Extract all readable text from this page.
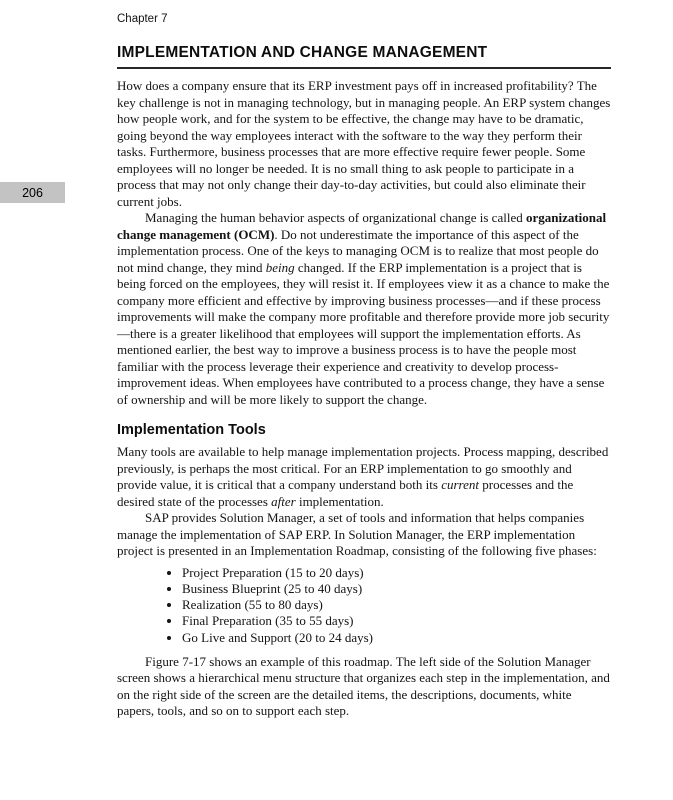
206
Chapter 7
IMPLEMENTATION AND CHANGE MANAGEMENT

How does a company ensure that its ERP investment pays off in increased profitability? The key challenge is not in managing technology, but in managing people. An ERP system changes how people work, and for the system to be effective, the change may have to be dramatic, going beyond the way employees interact with the software to the way they perform their tasks. Furthermore, business processes that are more effective require fewer people. Some employees will no longer be needed. It is no small thing to ask people to participate in a process that may not only change their day-to-day activities, but could also eliminate their current jobs.

Managing the human behavior aspects of organizational change is called organizational change management (OCM). Do not underestimate the importance of this aspect of the implementation process. One of the keys to managing OCM is to realize that most people do not mind change, they mind being changed. If the ERP implementation is a project that is being forced on the employees, they will resist it. If employees view it as a chance to make the company more efficient and effective by improving business processes—and if these process improvements will make the company more profitable and therefore provide more job security—there is a greater likelihood that employees will support the implementation efforts. As mentioned earlier, the best way to improve a business process is to have the people most familiar with the process leverage their experience and creativity to develop process-improvement ideas. When employees have contributed to a process change, they have a sense of ownership and will be more likely to support the change.

Implementation Tools

Many tools are available to help manage implementation projects. Process mapping, described previously, is perhaps the most critical. For an ERP implementation to go smoothly and provide value, it is critical that a company understand both its current processes and the desired state of the processes after implementation.

SAP provides Solution Manager, a set of tools and information that helps companies manage the implementation of SAP ERP. In Solution Manager, the ERP implementation project is presented in an Implementation Roadmap, consisting of the following five phases:

• Project Preparation (15 to 20 days)
• Business Blueprint (25 to 40 days)
• Realization (55 to 80 days)
• Final Preparation (35 to 55 days)
• Go Live and Support (20 to 24 days)

Figure 7-17 shows an example of this roadmap. The left side of the Solution Manager screen shows a hierarchical menu structure that organizes each step in the implementation, and on the right side of the screen are the detailed items, the descriptions, documents, white papers, tools, and so on to support each step.
